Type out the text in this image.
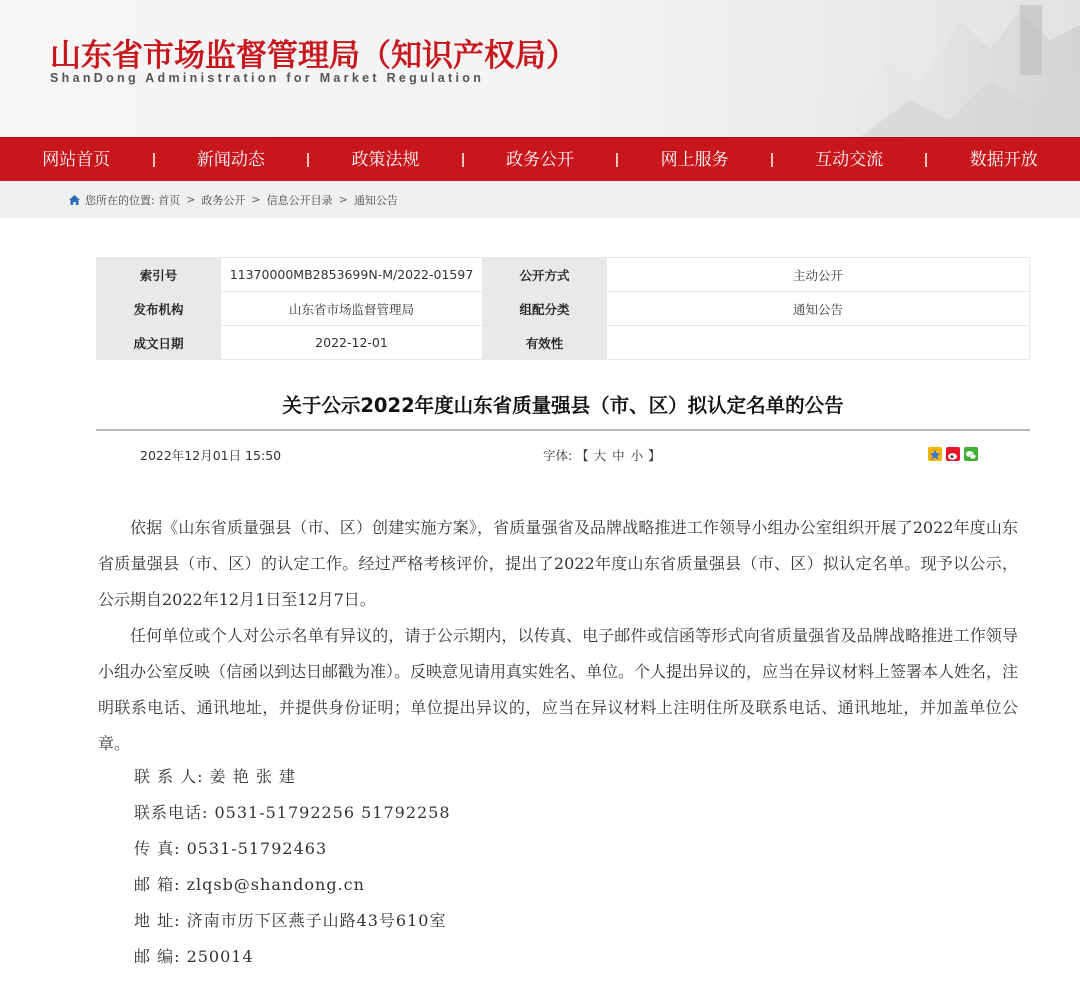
山东省市场监督管理局（知识产权局）
ShanDong Administration for Market Regulation
网站首页	新闻动态	政策法规	政务公开	网上服务	互动交流	数据开放
您所在的位置: 首页 > 政务公开 > 信息公开目录 > 通知公告
索引号	11370000MB2853699N-M/2022-01597	公开方式	主动公开
发布机构	山东省市场监督管理局	组配分类	通知公告
成文日期	2022-12-01	有效性	
关于公示2022年度山东省质量强县（市、区）拟认定名单的公告
2022年12月01日 15:50	字体: 【 大 中 小 】

依据《山东省质量强县（市、区）创建实施方案》，省质量强省及品牌战略推进工作领导小组办公室组织开展了2022年度山东省质量强县（市、区）的认定工作。经过严格考核评价，提出了2022年度山东省质量强县（市、区）拟认定名单。现予以公示，公示期自2022年12月1日至12月7日。

任何单位或个人对公示名单有异议的，请于公示期内，以传真、电子邮件或信函等形式向省质量强省及品牌战略推进工作领导小组办公室反映（信函以到达日邮戳为准）。反映意见请用真实姓名、单位。个人提出异议的，应当在异议材料上签署本人姓名，注明联系电话、通讯地址，并提供身份证明；单位提出异议的，应当在异议材料上注明住所及联系电话、通讯地址，并加盖单位公章。

联 系 人: 姜 艳 张 建
联系电话: 0531-51792256 51792258
传 真: 0531-51792463
邮 箱: zlqsb@shandong.cn
地 址: 济南市历下区燕子山路43号610室
邮 编: 250014
